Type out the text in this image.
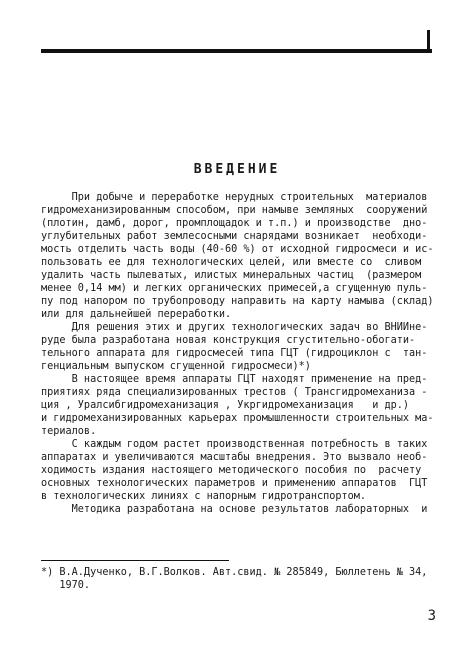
ВВЕДЕНИЕ
При добыче и переработке нерудных строительных  материалов
гидромеханизированным способом, при намыве земляных  сооружений
(плотин, дамб, дорог, промплощадок и т.п.) и производстве  дно-
углубительных работ землесосными снарядами возникает  необходи-
мость отделить часть воды (40-60 %) от исходной гидросмеси и ис-
пользовать ее для технологических целей, или вместе со  сливом
удалить часть пылеватых, илистых минеральных частиц  (размером
менее 0,14 мм) и легких органических примесей,а сгущенную пуль-
пу под напором по трубопроводу направить на карту намыва (склад)
или для дальнейшей переработки.
Для решения этих и других технологических задач во ВНИИне-
руде была разработана новая конструкция сгустительно-обогати-
тельного аппарата для гидросмесей типа ГЦТ (гидроциклон с  тан-
генциальным выпуском сгущенной гидросмеси)*)
В настоящее время аппараты ГЦТ находят применение на пред-
приятиях ряда специализированных трестов ( Трансгидромеханиза -
ция , Уралсибгидромеханизация , Укргидромеханизация   и др.)
и гидромеханизированных карьерах промышленности строительных ма-
териалов.
С каждым годом растет производственная потребность в таких
аппаратах и увеличиваются масштабы внедрения. Это вызвало необ-
ходимость издания настоящего методического пособия по  расчету
основных технологических параметров и применению аппаратов  ГЦТ
в технологических линиях с напорным гидротранспортом.
Методика разработана на основе результатов лабораторных  и
*) В.А.Дученко, В.Г.Волков. Авт.свид. № 285849, Бюллетень № 34,
1970.
3
